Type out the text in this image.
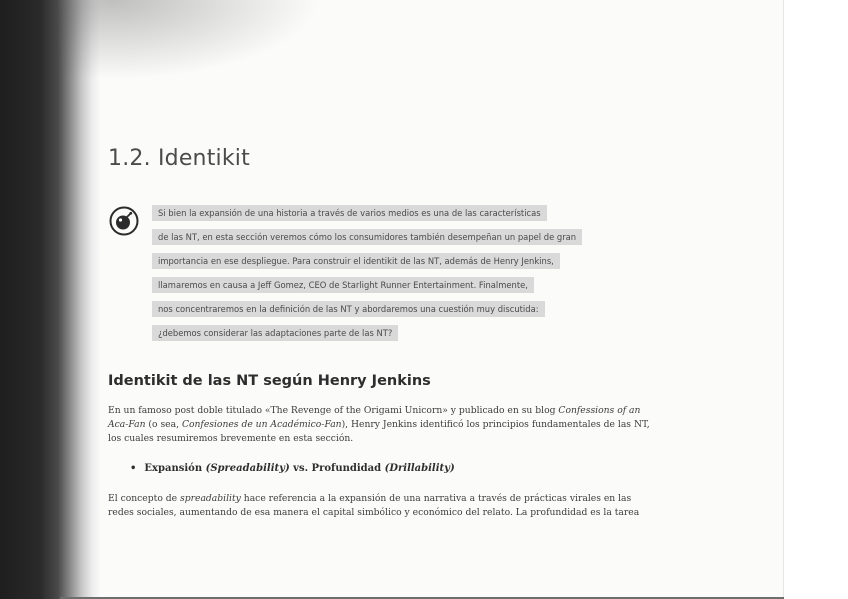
1.2. Identikit
Si bien la expansión de una historia a través de varios medios es una de las características
de las NT, en esta sección veremos cómo los consumidores también desempeñan un papel de gran
importancia en ese despliegue. Para construir el identikit de las NT, además de Henry Jenkins,
llamaremos en causa a Jeff Gomez, CEO de Starlight Runner Entertainment. Finalmente,
nos concentraremos en la definición de las NT y abordaremos una cuestión muy discutida:
¿debemos considerar las adaptaciones parte de las NT?
Identikit de las NT según Henry Jenkins

En un famoso post doble titulado «The Revenge of the Origami Unicorn» y publicado en su blog Confessions of an
Aca-Fan (o sea, Confesiones de un Académico-Fan), Henry Jenkins identificó los principios fundamentales de las NT,
los cuales resumiremos brevemente en esta sección.

• Expansión (Spreadability) vs. Profundidad (Drillability)

El concepto de spreadability hace referencia a la expansión de una narrativa a través de prácticas virales en las
redes sociales, aumentando de esa manera el capital simbólico y económico del relato. La profundidad es la tarea
